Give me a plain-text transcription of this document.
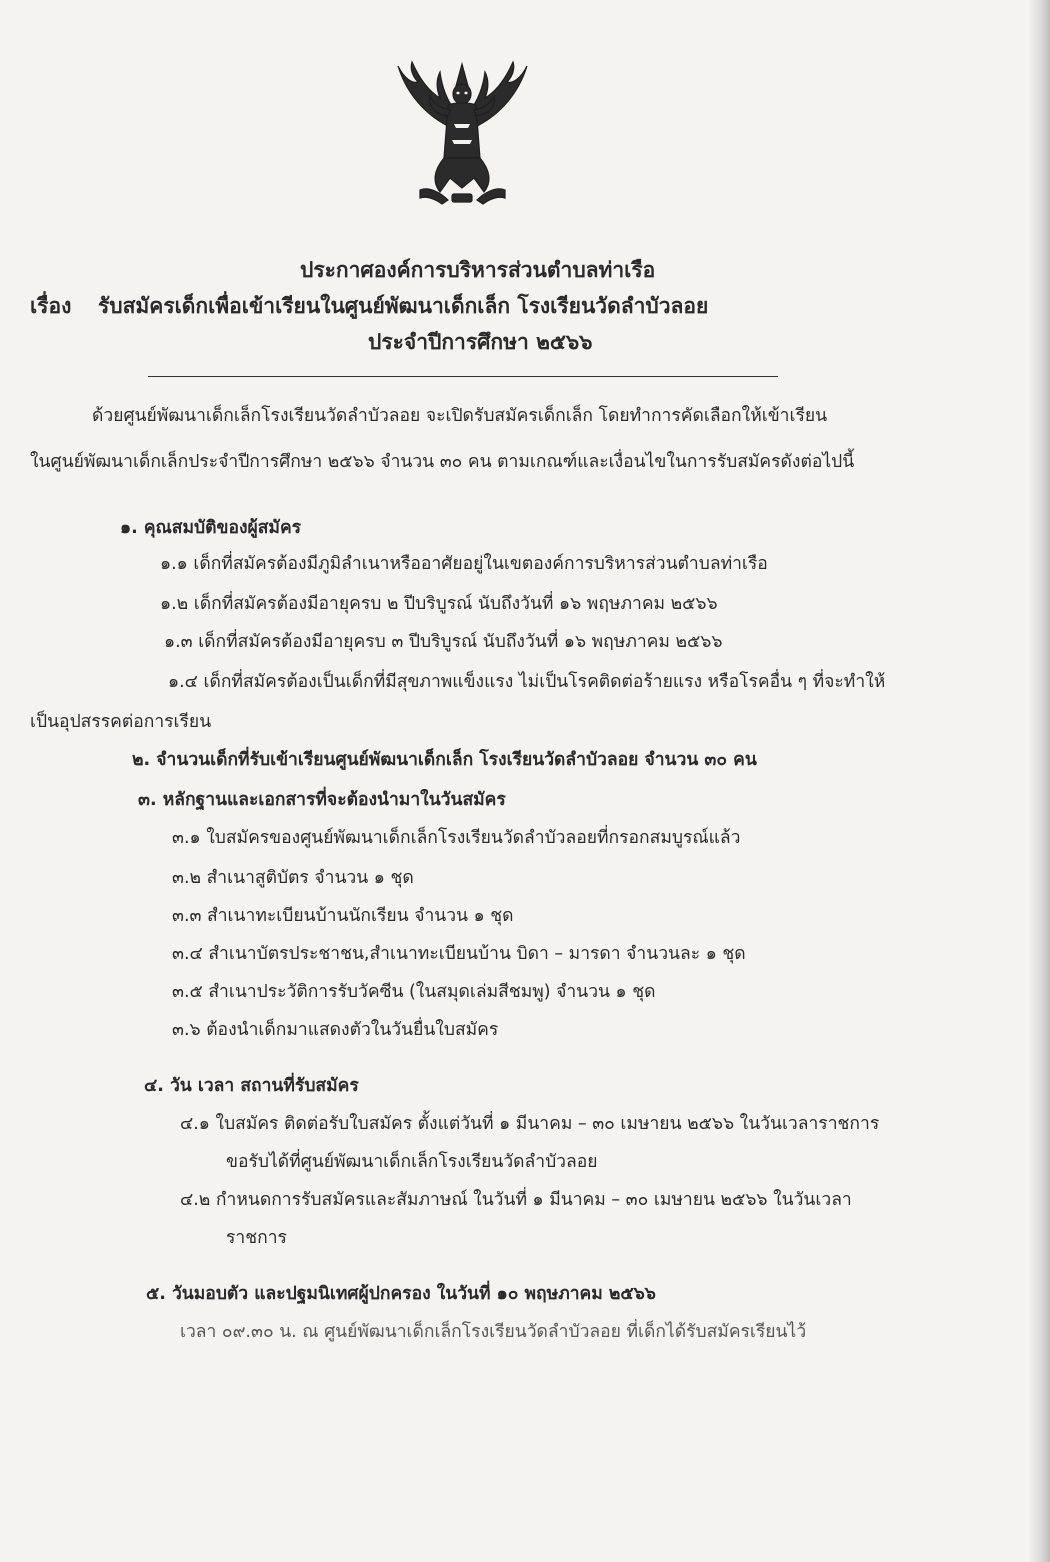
ประกาศองค์การบริหารส่วนตำบลท่าเรือ
เรื่อง รับสมัครเด็กเพื่อเข้าเรียนในศูนย์พัฒนาเด็กเล็ก โรงเรียนวัดลำบัวลอย
ประจำปีการศึกษา ๒๕๖๖
ด้วยศูนย์พัฒนาเด็กเล็กโรงเรียนวัดลำบัวลอย จะเปิดรับสมัครเด็กเล็ก โดยทำการคัดเลือกให้เข้าเรียน
ในศูนย์พัฒนาเด็กเล็กประจำปีการศึกษา ๒๕๖๖ จำนวน ๓๐ คน ตามเกณฑ์และเงื่อนไขในการรับสมัครดังต่อไปนี้
๑. คุณสมบัติของผู้สมัคร
๑.๑ เด็กที่สมัครต้องมีภูมิลำเนาหรืออาศัยอยู่ในเขตองค์การบริหารส่วนตำบลท่าเรือ
๑.๒ เด็กที่สมัครต้องมีอายุครบ ๒ ปีบริบูรณ์ นับถึงวันที่ ๑๖ พฤษภาคม ๒๕๖๖
๑.๓ เด็กที่สมัครต้องมีอายุครบ ๓ ปีบริบูรณ์ นับถึงวันที่ ๑๖ พฤษภาคม ๒๕๖๖
๑.๔ เด็กที่สมัครต้องเป็นเด็กที่มีสุขภาพแข็งแรง ไม่เป็นโรคติดต่อร้ายแรง หรือโรคอื่น ๆ ที่จะทำให้
เป็นอุปสรรคต่อการเรียน
๒. จำนวนเด็กที่รับเข้าเรียนศูนย์พัฒนาเด็กเล็ก โรงเรียนวัดลำบัวลอย จำนวน ๓๐ คน
๓. หลักฐานและเอกสารที่จะต้องนำมาในวันสมัคร
๓.๑ ใบสมัครของศูนย์พัฒนาเด็กเล็กโรงเรียนวัดลำบัวลอยที่กรอกสมบูรณ์แล้ว
๓.๒ สำเนาสูติบัตร จำนวน ๑ ชุด
๓.๓ สำเนาทะเบียนบ้านนักเรียน จำนวน ๑ ชุด
๓.๔ สำเนาบัตรประชาชน,สำเนาทะเบียนบ้าน บิดา – มารดา จำนวนละ ๑ ชุด
๓.๕ สำเนาประวัติการรับวัคซีน (ในสมุดเล่มสีชมพู) จำนวน ๑ ชุด
๓.๖ ต้องนำเด็กมาแสดงตัวในวันยื่นใบสมัคร
๔. วัน เวลา สถานที่รับสมัคร
๔.๑ ใบสมัคร ติดต่อรับใบสมัคร ตั้งแต่วันที่ ๑ มีนาคม – ๓๐ เมษายน ๒๕๖๖ ในวันเวลาราชการ
ขอรับได้ที่ศูนย์พัฒนาเด็กเล็กโรงเรียนวัดลำบัวลอย
๔.๒ กำหนดการรับสมัครและสัมภาษณ์ ในวันที่ ๑ มีนาคม – ๓๐ เมษายน ๒๕๖๖ ในวันเวลา
ราชการ
๕. วันมอบตัว และปฐมนิเทศผู้ปกครอง ในวันที่ ๑๐ พฤษภาคม ๒๕๖๖
เวลา ๐๙.๓๐ น. ณ ศูนย์พัฒนาเด็กเล็กโรงเรียนวัดลำบัวลอย ที่เด็กได้รับสมัครเรียนไว้
